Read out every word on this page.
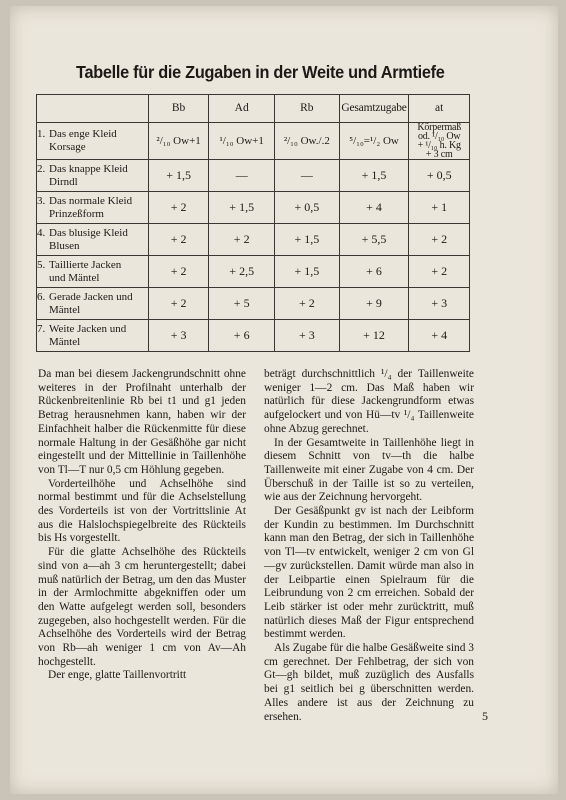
Tabelle für die Zugaben in der Weite und Armtiefe
	Bb	Ad	Rb	Gesamtzugabe	at
1. Das enge Kleid
Korsage	²/₁₀ Ow+1	¹/₁₀ Ow+1	²/₁₀ Ow./.2	⁵/₁₀=¹/₂ Ow	Körpermaß
od. ¹/₁₀ Ow
+ ¹/₁₀ h. Kg
+ 3 cm
2. Das knappe Kleid
Dirndl	+ 1,5	—	—	+ 1,5	+ 0,5
3. Das normale Kleid
Prinzeßform	+ 2	+ 1,5	+ 0,5	+ 4	+ 1
4. Das blusige Kleid
Blusen	+ 2	+ 2	+ 1,5	+ 5,5	+ 2
5. Taillierte Jacken
und Mäntel	+ 2	+ 2,5	+ 1,5	+ 6	+ 2
6. Gerade Jacken und
Mäntel	+ 2	+ 5	+ 2	+ 9	+ 3
7. Weite Jacken und
Mäntel	+ 3	+ 6	+ 3	+ 12	+ 4

Da man bei diesem Jackengrundschnitt ohne weiteres in der Profilnaht unterhalb der Rückenbreitenlinie Rb bei t1 und g1 jeden Betrag herausnehmen kann, haben wir der Einfachheit halber die Rückenmitte für diese normale Haltung in der Gesäßhöhe gar nicht eingestellt und der Mittellinie in Taillenhöhe von Tl—T nur 0,5 cm Höhlung gegeben.

Vorderteilhöhe und Achselhöhe sind normal bestimmt und für die Achselstellung des Vorderteils ist von der Vortrittslinie At aus die Halslochspiegelbreite des Rückteils bis Hs vorgestellt.

Für die glatte Achselhöhe des Rückteils sind von a—ah 3 cm heruntergestellt; dabei muß natürlich der Betrag, um den das Muster in der Armlochmitte abgekniffen oder um den Watte aufgelegt werden soll, besonders zugegeben, also hochgestellt werden. Für die Achselhöhe des Vorderteils wird der Betrag von Rb—ah weniger 1 cm von Av—Ah hochgestellt.

Der enge, glatte Taillenvortritt

beträgt durchschnittlich ¹/₄ der Taillenweite weniger 1—2 cm. Das Maß haben wir natürlich für diese Jackengrundform etwas aufgelockert und von Hü—tv ¹/₄ Taillenweite ohne Abzug gerechnet.

In der Gesamtweite in Taillenhöhe liegt in diesem Schnitt von tv—th die halbe Taillenweite mit einer Zugabe von 4 cm. Der Überschuß in der Taille ist so zu verteilen, wie aus der Zeichnung hervorgeht.

Der Gesäßpunkt gv ist nach der Leibform der Kundin zu bestimmen. Im Durchschnitt kann man den Betrag, der sich in Taillenhöhe von Tl—tv entwickelt, weniger 2 cm von Gl—gv zurückstellen. Damit würde man also in der Leibpartie einen Spielraum für die Leibrundung von 2 cm erreichen. Sobald der Leib stärker ist oder mehr zurücktritt, muß natürlich dieses Maß der Figur entsprechend bestimmt werden.

Als Zugabe für die halbe Gesäßweite sind 3 cm gerechnet. Der Fehlbetrag, der sich von Gt—gh bildet, muß zuzüglich des Ausfalls bei g1 seitlich bei g überschnitten werden. Alles andere ist aus der Zeichnung zu ersehen.	5
